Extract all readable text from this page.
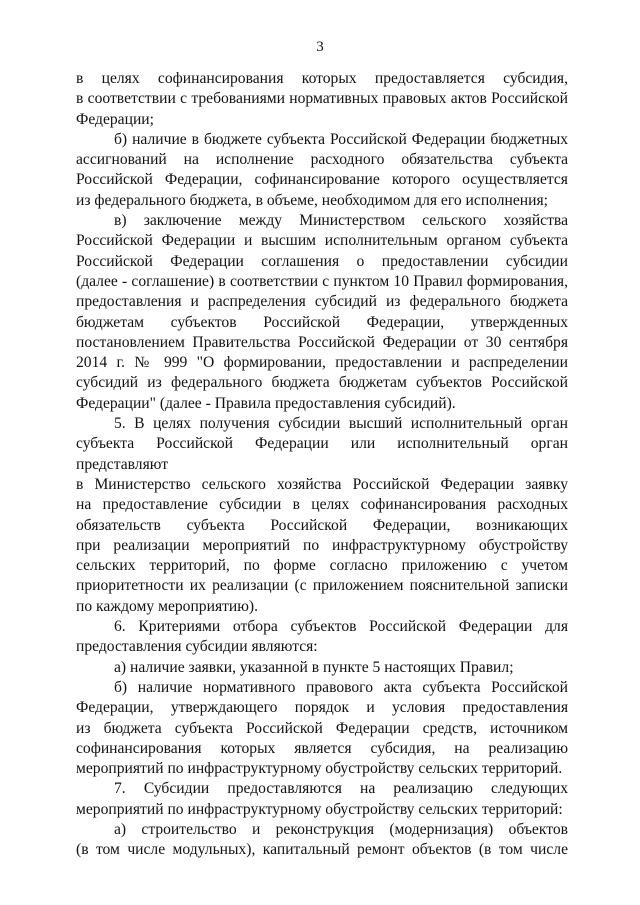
3
в целях софинансирования которых предоставляется субсидия,
в соответствии с требованиями нормативных правовых актов Российской
Федерации;
б) наличие в бюджете субъекта Российской Федерации бюджетных
ассигнований на исполнение расходного обязательства субъекта
Российской Федерации, софинансирование которого осуществляется
из федерального бюджета, в объеме, необходимом для его исполнения;
в) заключение между Министерством сельского хозяйства
Российской Федерации и высшим исполнительным органом субъекта
Российской Федерации соглашения о предоставлении субсидии
(далее - соглашение) в соответствии с пунктом 10 Правил формирования,
предоставления и распределения субсидий из федерального бюджета
бюджетам субъектов Российской Федерации, утвержденных
постановлением Правительства Российской Федерации от 30 сентября
2014 г. № 999 "О формировании, предоставлении и распределении
субсидий из федерального бюджета бюджетам субъектов Российской
Федерации" (далее - Правила предоставления субсидий).
5. В целях получения субсидии высший исполнительный орган
субъекта Российской Федерации или исполнительный орган представляют
в Министерство сельского хозяйства Российской Федерации заявку
на предоставление субсидии в целях софинансирования расходных
обязательств субъекта Российской Федерации, возникающих
при реализации мероприятий по инфраструктурному обустройству
сельских территорий, по форме согласно приложению с учетом
приоритетности их реализации (с приложением пояснительной записки
по каждому мероприятию).
6. Критериями отбора субъектов Российской Федерации для
предоставления субсидии являются:
а) наличие заявки, указанной в пункте 5 настоящих Правил;
б) наличие нормативного правового акта субъекта Российской
Федерации, утверждающего порядок и условия предоставления
из бюджета субъекта Российской Федерации средств, источником
софинансирования которых является субсидия, на реализацию
мероприятий по инфраструктурному обустройству сельских территорий.
7. Субсидии предоставляются на реализацию следующих
мероприятий по инфраструктурному обустройству сельских территорий:
а) строительство и реконструкция (модернизация) объектов
(в том числе модульных), капитальный ремонт объектов (в том числе
